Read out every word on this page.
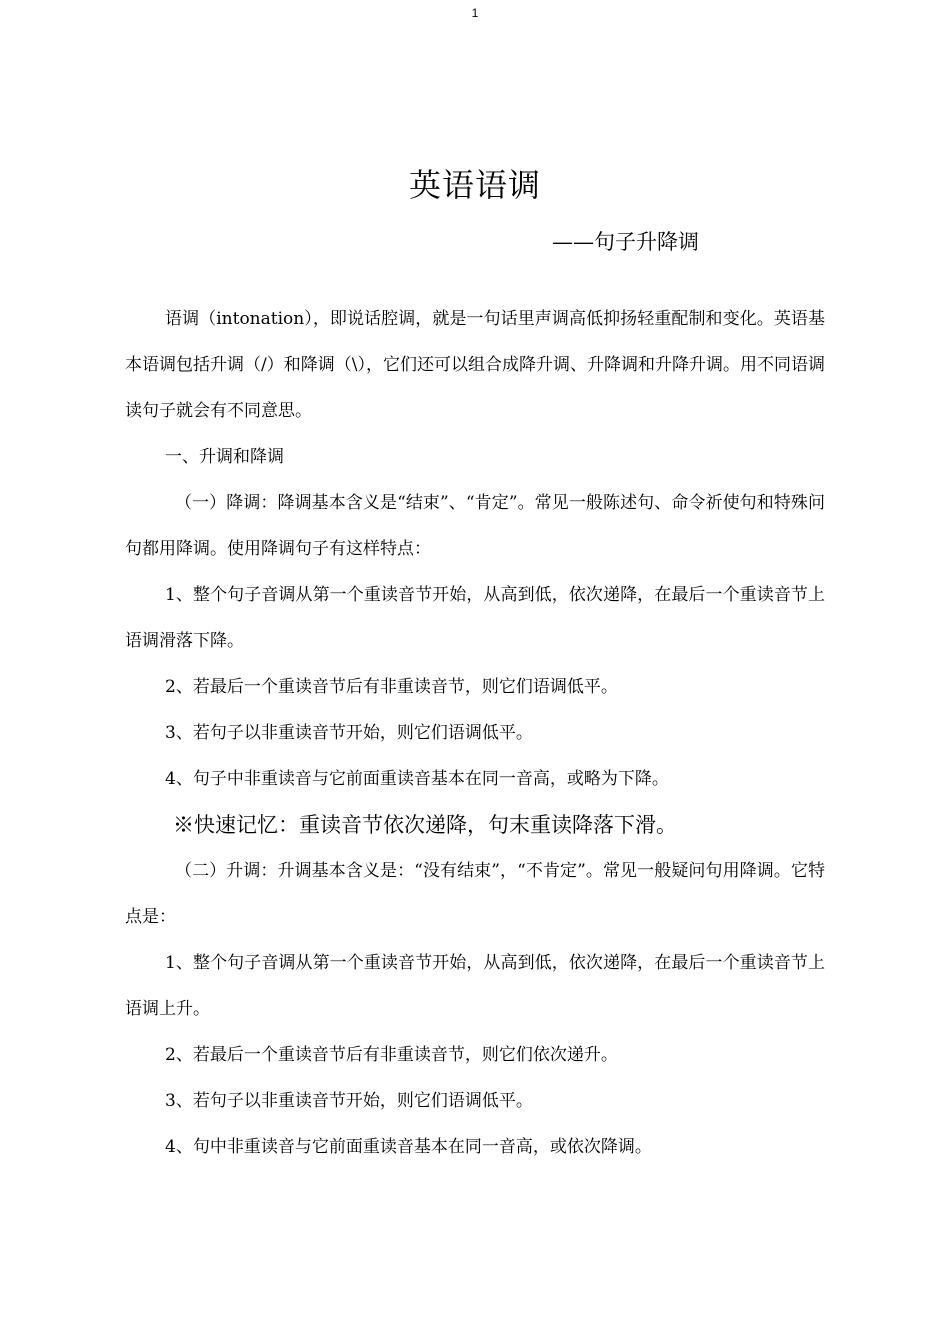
1
英语语调
——句子升降调

语调（intonation），即说话腔调，就是一句话里声调高低抑扬轻重配制和变化。英语基本语调包括升调（/）和降调（\），它们还可以组合成降升调、升降调和升降升调。用不同语调读句子就会有不同意思。

一、升调和降调

（一）降调：降调基本含义是“结束”、“肯定”。常见一般陈述句、命令祈使句和特殊问句都用降调。使用降调句子有这样特点：

1、整个句子音调从第一个重读音节开始，从高到低，依次递降，在最后一个重读音节上语调滑落下降。

2、若最后一个重读音节后有非重读音节，则它们语调低平。

3、若句子以非重读音节开始，则它们语调低平。

4、句子中非重读音与它前面重读音基本在同一音高，或略为下降。

※快速记忆：重读音节依次递降，句末重读降落下滑。

（二）升调：升调基本含义是：“没有结束”，“不肯定”。常见一般疑问句用降调。它特点是：

1、整个句子音调从第一个重读音节开始，从高到低，依次递降，在最后一个重读音节上语调上升。

2、若最后一个重读音节后有非重读音节，则它们依次递升。

3、若句子以非重读音节开始，则它们语调低平。

4、句中非重读音与它前面重读音基本在同一音高，或依次降调。
